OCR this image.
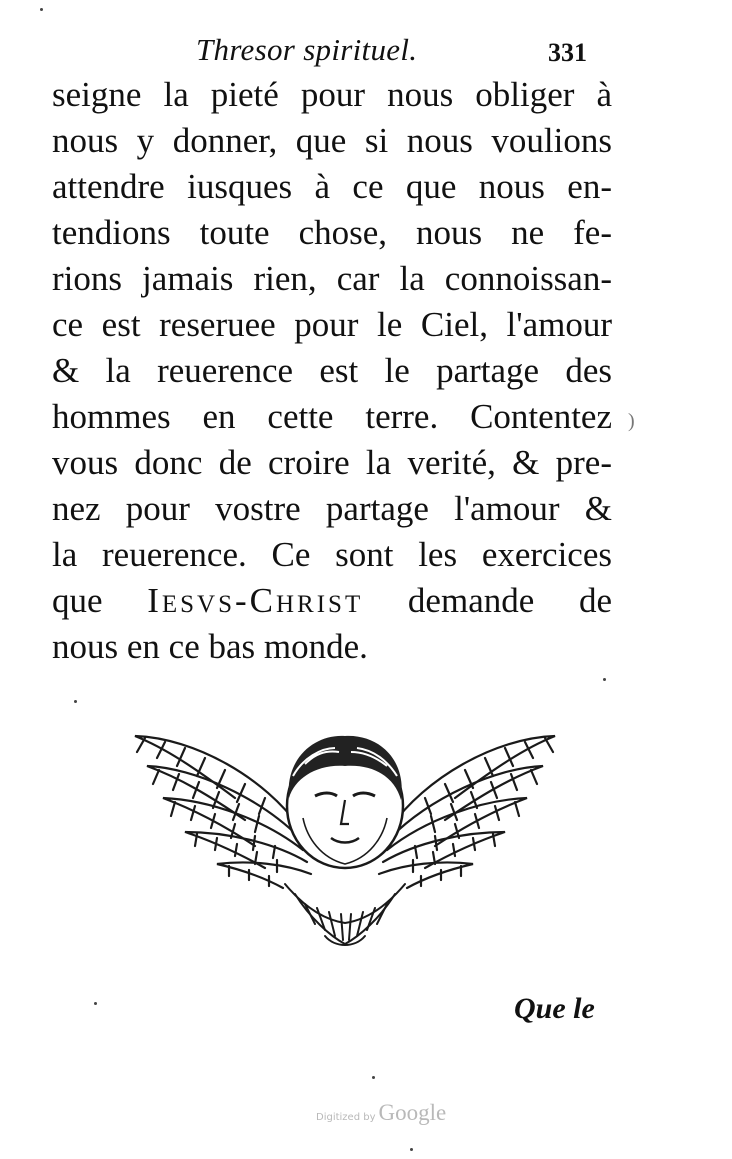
Thresor spirituel.	331
seigne la pieté pour nous obliger à
nous y donner, que si nous voulions
attendre iusques à ce que nous en-
tendions toute chose, nous ne fe-
rions jamais rien, car la connoissan-
ce est reseruee pour le Ciel, l'amour
& la reuerence est le partage des
hommes en cette terre. Contentez
vous donc de croire la verité, & pre-
nez pour vostre partage l'amour &
la reuerence. Ce sont les exercices
que Iesvs-Christ demande de
nous en ce bas monde.
)
Que le
Digitized by Google
